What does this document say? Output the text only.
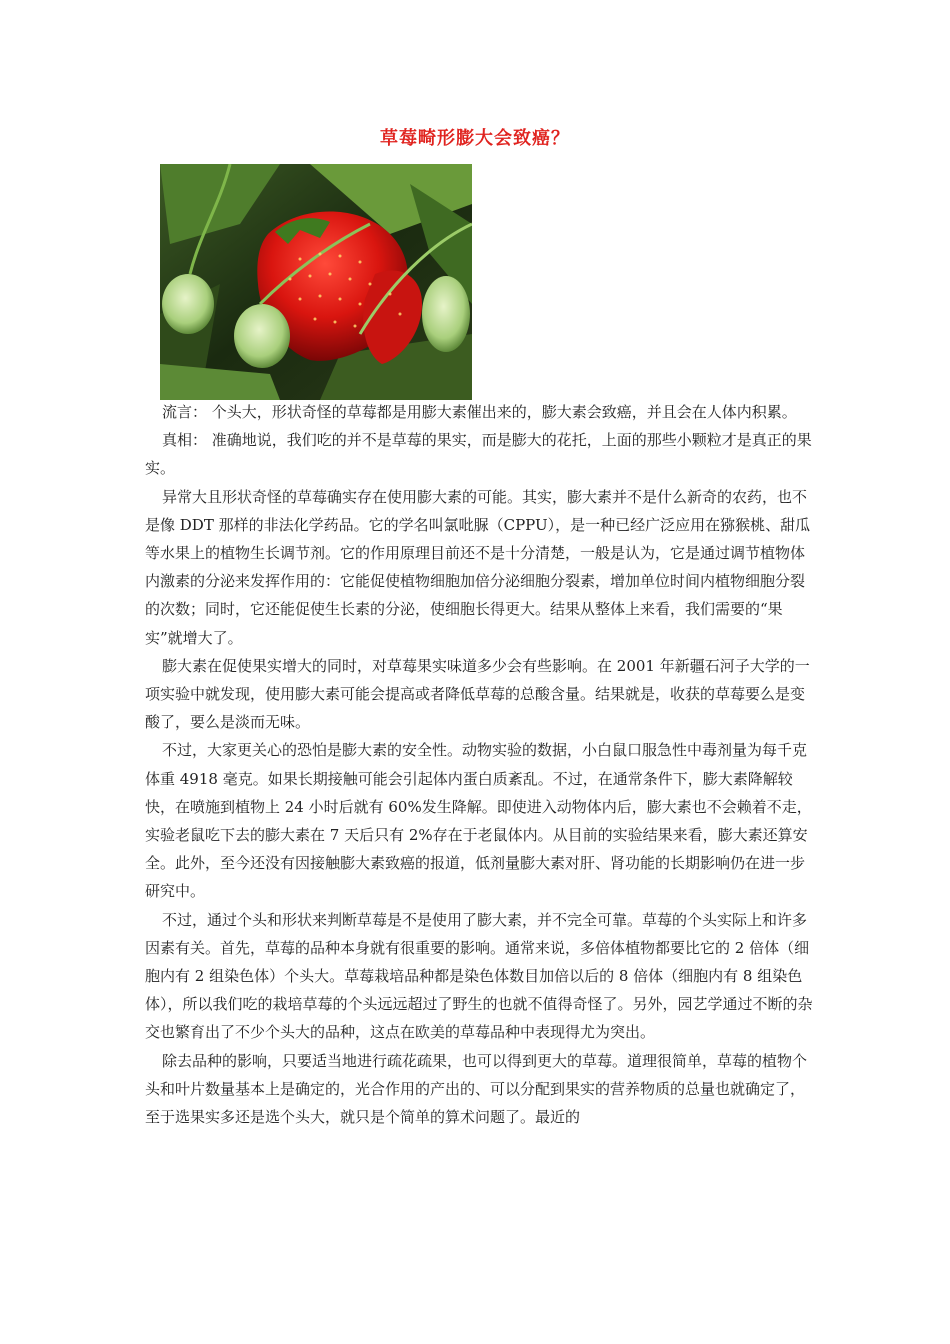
草莓畸形膨大会致癌？

流言： 个头大，形状奇怪的草莓都是用膨大素催出来的，膨大素会致癌，并且会在人体内积累。

真相： 准确地说，我们吃的并不是草莓的果实，而是膨大的花托，上面的那些小颗粒才是真正的果实。

异常大且形状奇怪的草莓确实存在使用膨大素的可能。其实，膨大素并不是什么新奇的农药，也不是像 DDT 那样的非法化学药品。它的学名叫氯吡脲（CPPU），是一种已经广泛应用在猕猴桃、甜瓜等水果上的植物生长调节剂。它的作用原理目前还不是十分清楚，一般是认为，它是通过调节植物体内激素的分泌来发挥作用的：它能促使植物细胞加倍分泌细胞分裂素，增加单位时间内植物细胞分裂的次数；同时，它还能促使生长素的分泌，使细胞长得更大。结果从整体上来看，我们需要的“果实”就增大了。

膨大素在促使果实增大的同时，对草莓果实味道多少会有些影响。在 2001 年新疆石河子大学的一项实验中就发现，使用膨大素可能会提高或者降低草莓的总酸含量。结果就是，收获的草莓要么是变酸了，要么是淡而无味。

不过，大家更关心的恐怕是膨大素的安全性。动物实验的数据，小白鼠口服急性中毒剂量为每千克体重 4918 毫克。如果长期接触可能会引起体内蛋白质紊乱。不过，在通常条件下，膨大素降解较快，在喷施到植物上 24 小时后就有 60%发生降解。即使进入动物体内后，膨大素也不会赖着不走，实验老鼠吃下去的膨大素在 7 天后只有 2%存在于老鼠体内。从目前的实验结果来看，膨大素还算安全。此外，至今还没有因接触膨大素致癌的报道，低剂量膨大素对肝、肾功能的长期影响仍在进一步研究中。

不过，通过个头和形状来判断草莓是不是使用了膨大素，并不完全可靠。草莓的个头实际上和许多因素有关。首先，草莓的品种本身就有很重要的影响。通常来说，多倍体植物都要比它的 2 倍体（细胞内有 2 组染色体）个头大。草莓栽培品种都是染色体数目加倍以后的 8 倍体（细胞内有 8 组染色体），所以我们吃的栽培草莓的个头远远超过了野生的也就不值得奇怪了。另外，园艺学通过不断的杂交也繁育出了不少个头大的品种，这点在欧美的草莓品种中表现得尤为突出。

除去品种的影响，只要适当地进行疏花疏果，也可以得到更大的草莓。道理很简单，草莓的植物个头和叶片数量基本上是确定的，光合作用的产出的、可以分配到果实的营养物质的总量也就确定了，至于选果实多还是选个头大，就只是个简单的算术问题了。最近的
